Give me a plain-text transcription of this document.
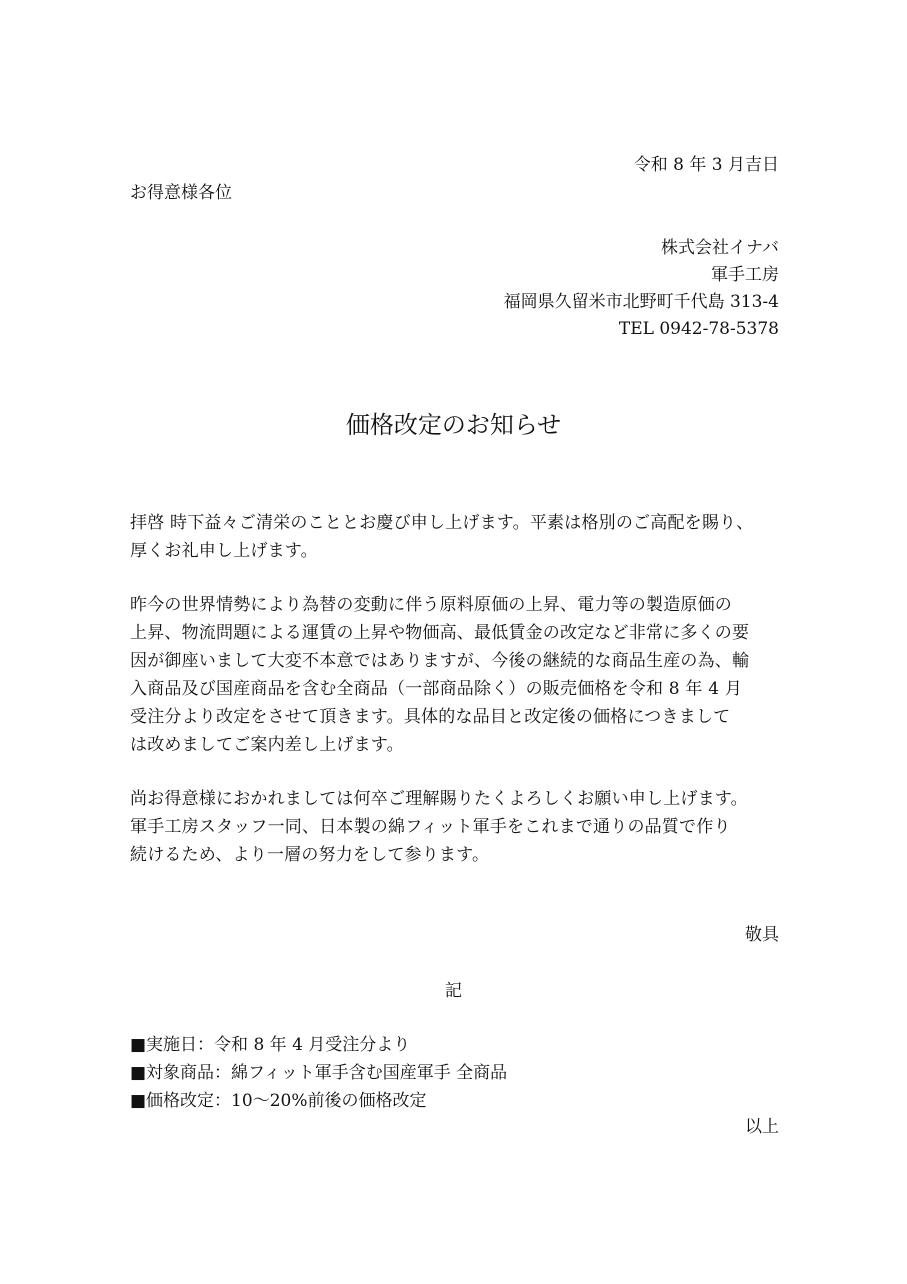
令和 8 年 3 月吉日
お得意様各位
株式会社イナバ
軍手工房
福岡県久留米市北野町千代島 313-4
TEL 0942-78-5378
価格改定のお知らせ
拝啓 時下益々ご清栄のこととお慶び申し上げます。平素は格別のご高配を賜り、
厚くお礼申し上げます。
昨今の世界情勢により為替の変動に伴う原料原価の上昇、電力等の製造原価の
上昇、物流問題による運賃の上昇や物価高、最低賃金の改定など非常に多くの要
因が御座いまして大変不本意ではありますが、今後の継続的な商品生産の為、輸
入商品及び国産商品を含む全商品（一部商品除く）の販売価格を令和 8 年 4 月
受注分より改定をさせて頂きます。具体的な品目と改定後の価格につきまして
は改めましてご案内差し上げます。
尚お得意様におかれましては何卒ご理解賜りたくよろしくお願い申し上げます。
軍手工房スタッフ一同、日本製の綿フィット軍手をこれまで通りの品質で作り
続けるため、より一層の努力をして参ります。
敬具
記
■実施日：令和 8 年 4 月受注分より
■対象商品：綿フィット軍手含む国産軍手 全商品
■価格改定：10〜20%前後の価格改定
以上
